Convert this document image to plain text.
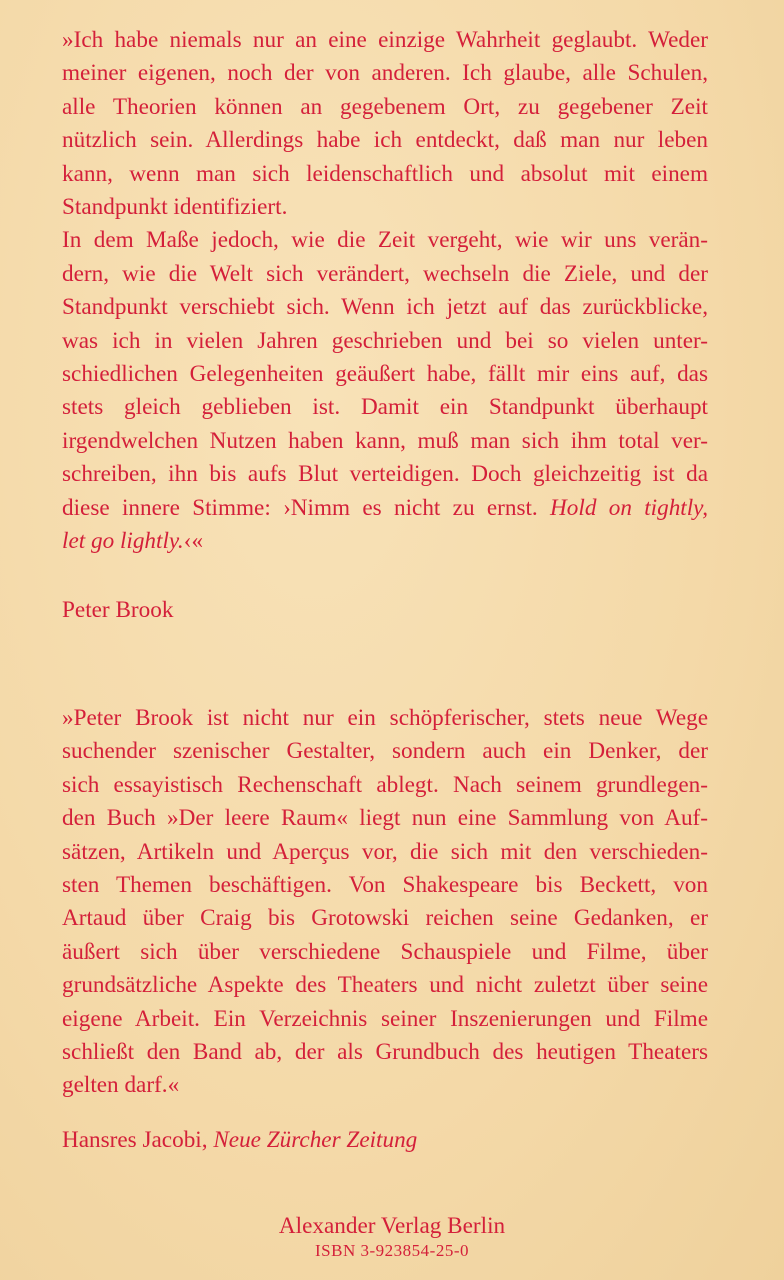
»Ich habe niemals nur an eine einzige Wahrheit geglaubt. Weder
meiner eigenen, noch der von anderen. Ich glaube, alle Schulen,
alle Theorien können an gegebenem Ort, zu gegebener Zeit
nützlich sein. Allerdings habe ich entdeckt, daß man nur leben
kann, wenn man sich leidenschaftlich und absolut mit einem
Standpunkt identifiziert.
In dem Maße jedoch, wie die Zeit vergeht, wie wir uns verän-
dern, wie die Welt sich verändert, wechseln die Ziele, und der
Standpunkt verschiebt sich. Wenn ich jetzt auf das zurückblicke,
was ich in vielen Jahren geschrieben und bei so vielen unter-
schiedlichen Gelegenheiten geäußert habe, fällt mir eins auf, das
stets gleich geblieben ist. Damit ein Standpunkt überhaupt
irgendwelchen Nutzen haben kann, muß man sich ihm total ver-
schreiben, ihn bis aufs Blut verteidigen. Doch gleichzeitig ist da
diese innere Stimme: ›Nimm es nicht zu ernst. Hold on tightly,
let go lightly.‹«

Peter Brook

»Peter Brook ist nicht nur ein schöpferischer, stets neue Wege
suchender szenischer Gestalter, sondern auch ein Denker, der
sich essayistisch Rechenschaft ablegt. Nach seinem grundlegen-
den Buch »Der leere Raum« liegt nun eine Sammlung von Auf-
sätzen, Artikeln und Aperçus vor, die sich mit den verschieden-
sten Themen beschäftigen. Von Shakespeare bis Beckett, von
Artaud über Craig bis Grotowski reichen seine Gedanken, er
äußert sich über verschiedene Schauspiele und Filme, über
grundsätzliche Aspekte des Theaters und nicht zuletzt über seine
eigene Arbeit. Ein Verzeichnis seiner Inszenierungen und Filme
schließt den Band ab, der als Grundbuch des heutigen Theaters
gelten darf.«

Hansres Jacobi, Neue Zürcher Zeitung

Alexander Verlag Berlin

ISBN 3-923854-25-0
